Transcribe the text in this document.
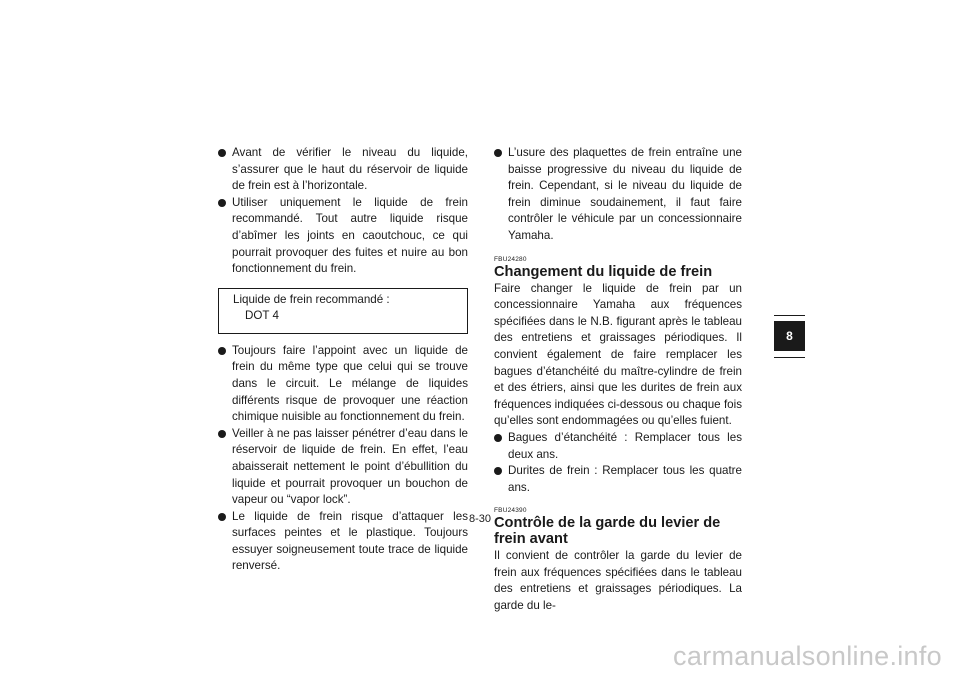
Avant de vérifier le niveau du liquide, s’assurer que le haut du réservoir de liquide de frein est à l’horizontale.
Utiliser uniquement le liquide de frein recommandé. Tout autre liquide risque d’abîmer les joints en caoutchouc, ce qui pourrait provoquer des fuites et nuire au bon fonctionnement du frein.
Liquide de frein recommandé :
DOT 4
Toujours faire l’appoint avec un liquide de frein du même type que celui qui se trouve dans le circuit. Le mélange de liquides différents risque de provoquer une réaction chimique nuisible au fonctionnement du frein.
Veiller à ne pas laisser pénétrer d’eau dans le réservoir de liquide de frein. En effet, l’eau abaisserait nettement le point d’ébullition du liquide et pourrait provoquer un bouchon de vapeur ou “vapor lock”.
Le liquide de frein risque d’attaquer les surfaces peintes et le plastique. Toujours essuyer soigneusement toute trace de liquide renversé.
L’usure des plaquettes de frein entraîne une baisse progressive du niveau du liquide de frein. Cependant, si le niveau du liquide de frein diminue soudainement, il faut faire contrôler le véhicule par un concessionnaire Yamaha.
FBU24280
Changement du liquide de frein
Faire changer le liquide de frein par un concessionnaire Yamaha aux fréquences spécifiées dans le N.B. figurant après le tableau des entretiens et graissages périodiques. Il convient également de faire remplacer les bagues d’étanchéité du maître-cylindre de frein et des étriers, ainsi que les durites de frein aux fréquences indiquées ci-dessous ou chaque fois qu’elles sont endommagées ou qu’elles fuient.
Bagues d’étanchéité : Remplacer tous les deux ans.
Durites de frein : Remplacer tous les quatre ans.
FBU24390
Contrôle de la garde du levier de frein avant
Il convient de contrôler la garde du levier de frein aux fréquences spécifiées dans le tableau des entretiens et graissages périodiques. La garde du le-
8
8-30
carmanualsonline.info
